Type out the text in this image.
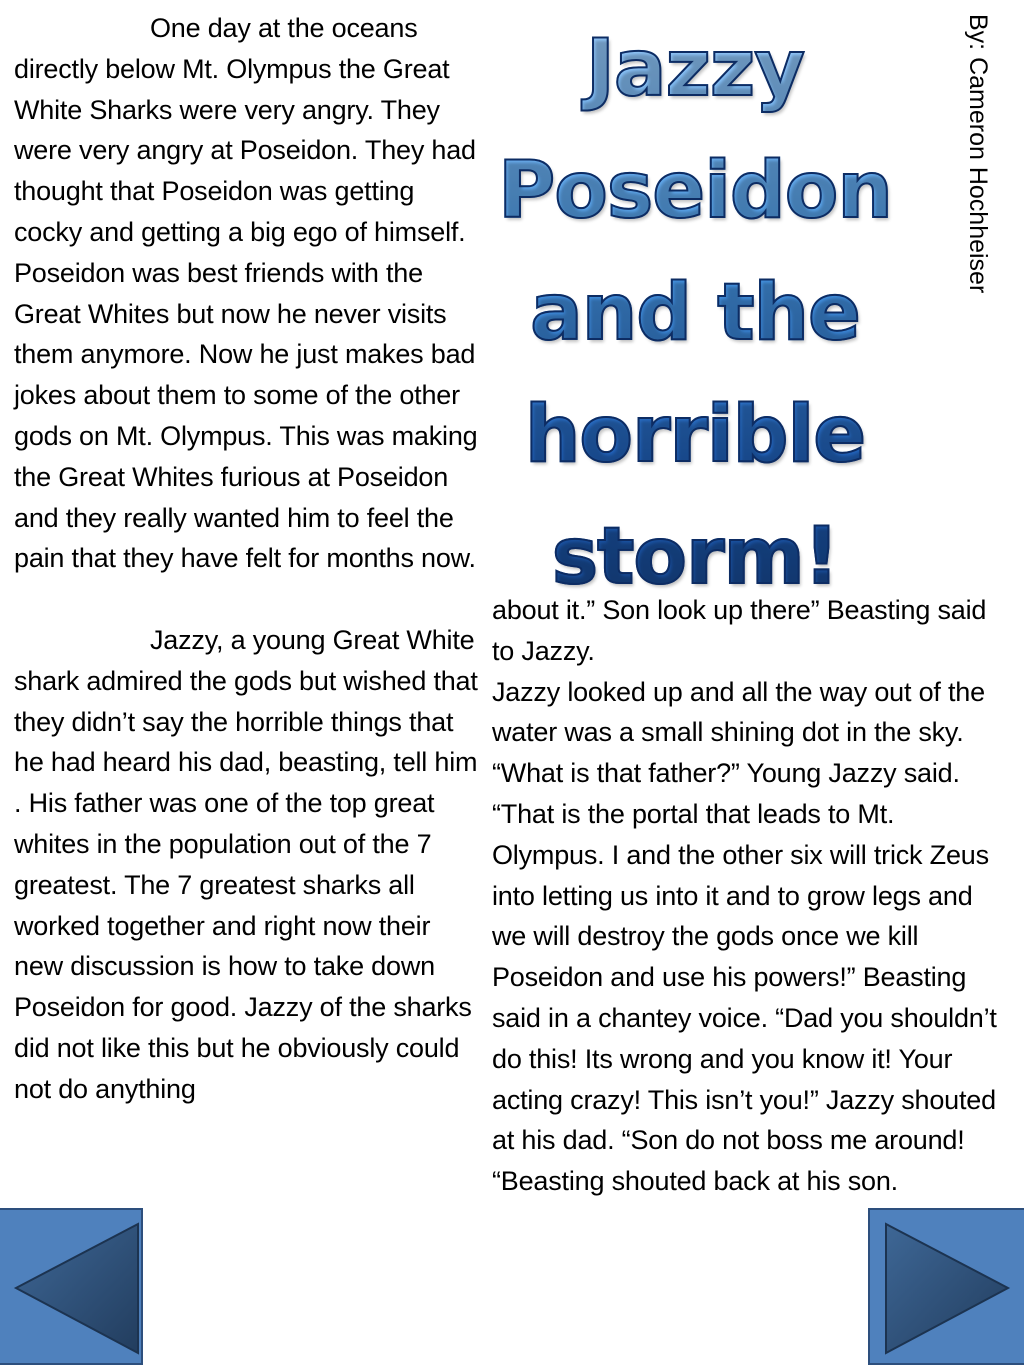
One day at the oceans directly below Mt. Olympus the Great White Sharks were very angry. They were very angry at Poseidon. They had thought that Poseidon was getting cocky and getting a big ego of himself. Poseidon was best friends with the Great Whites but now he never visits them anymore. Now he just makes bad jokes about them to some of the other gods on Mt. Olympus. This was making the Great Whites furious at Poseidon and they really wanted him to feel the pain that they have felt for months now.

Jazzy, a young Great White shark admired the gods but wished that they didn’t say the horrible things that he had heard his dad, beasting, tell him . His father was one of the top great whites in the population out of the 7 greatest. The 7 greatest sharks all worked together and right now their new discussion is how to take down Poseidon for good. Jazzy of the sharks did not like this but he obviously could not do anything

Jazzy Poseidon and the horrible storm!
By: Cameron Hochheiser

about it.” Son look up there” Beasting said to Jazzy.

Jazzy looked up and all the way out of the water was a small shining dot in the sky. “What is that father?” Young Jazzy said. “That is the portal that leads to Mt. Olympus. I and the other six will trick Zeus into letting us into it and to grow legs and we will destroy the gods once we kill Poseidon and use his powers!” Beasting said in a chantey voice. “Dad you shouldn’t do this! Its wrong and you know it! Your acting crazy! This isn’t you!” Jazzy shouted at his dad. “Son do not boss me around! “Beasting shouted back at his son.
